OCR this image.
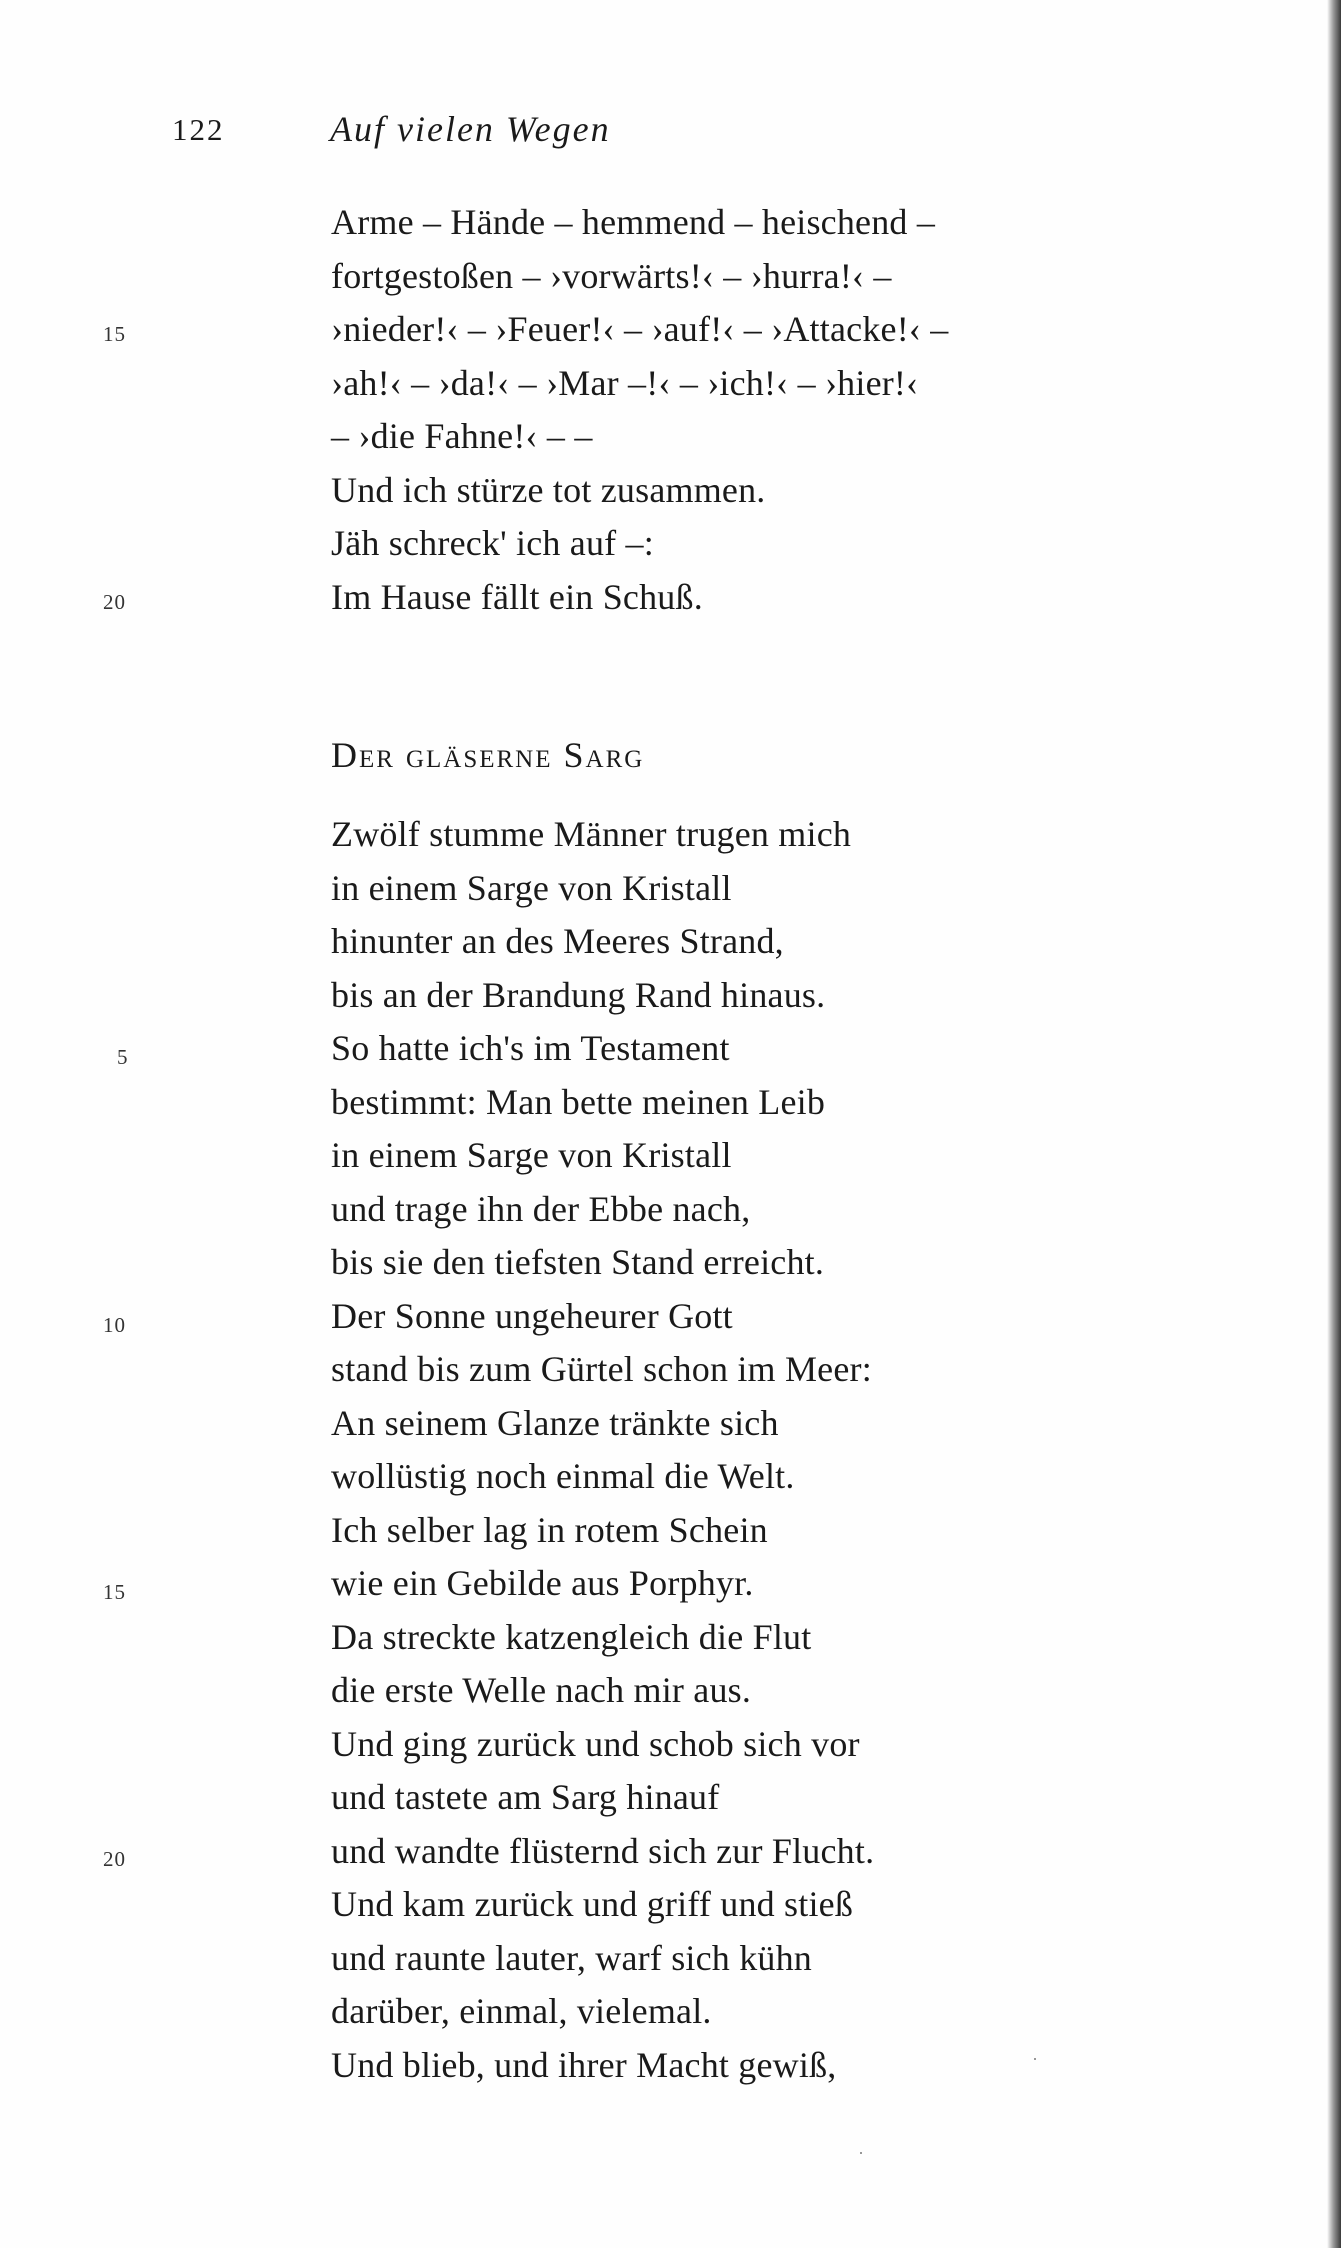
122	Auf vielen Wegen
Arme – Hände – hemmend – heischend –
fortgestoßen – ›vorwärts!‹ – ›hurra!‹ –
›nieder!‹ – ›Feuer!‹ – ›auf!‹ – ›Attacke!‹ –
›ah!‹ – ›da!‹ – ›Mar –!‹ – ›ich!‹ – ›hier!‹
– ›die Fahne!‹ – –
Und ich stürze tot zusammen.
Jäh schreck' ich auf –:
Im Hause fällt ein Schuß.
15
20
Der gläserne Sarg
Zwölf stumme Männer trugen mich
in einem Sarge von Kristall
hinunter an des Meeres Strand,
bis an der Brandung Rand hinaus.
So hatte ich's im Testament
bestimmt: Man bette meinen Leib
in einem Sarge von Kristall
und trage ihn der Ebbe nach,
bis sie den tiefsten Stand erreicht.
Der Sonne ungeheurer Gott
stand bis zum Gürtel schon im Meer:
An seinem Glanze tränkte sich
wollüstig noch einmal die Welt.
Ich selber lag in rotem Schein
wie ein Gebilde aus Porphyr.
Da streckte katzengleich die Flut
die erste Welle nach mir aus.
Und ging zurück und schob sich vor
und tastete am Sarg hinauf
und wandte flüsternd sich zur Flucht.
Und kam zurück und griff und stieß
und raunte lauter, warf sich kühn
darüber, einmal, vielemal.
Und blieb, und ihrer Macht gewiß,
5
10
15
20
